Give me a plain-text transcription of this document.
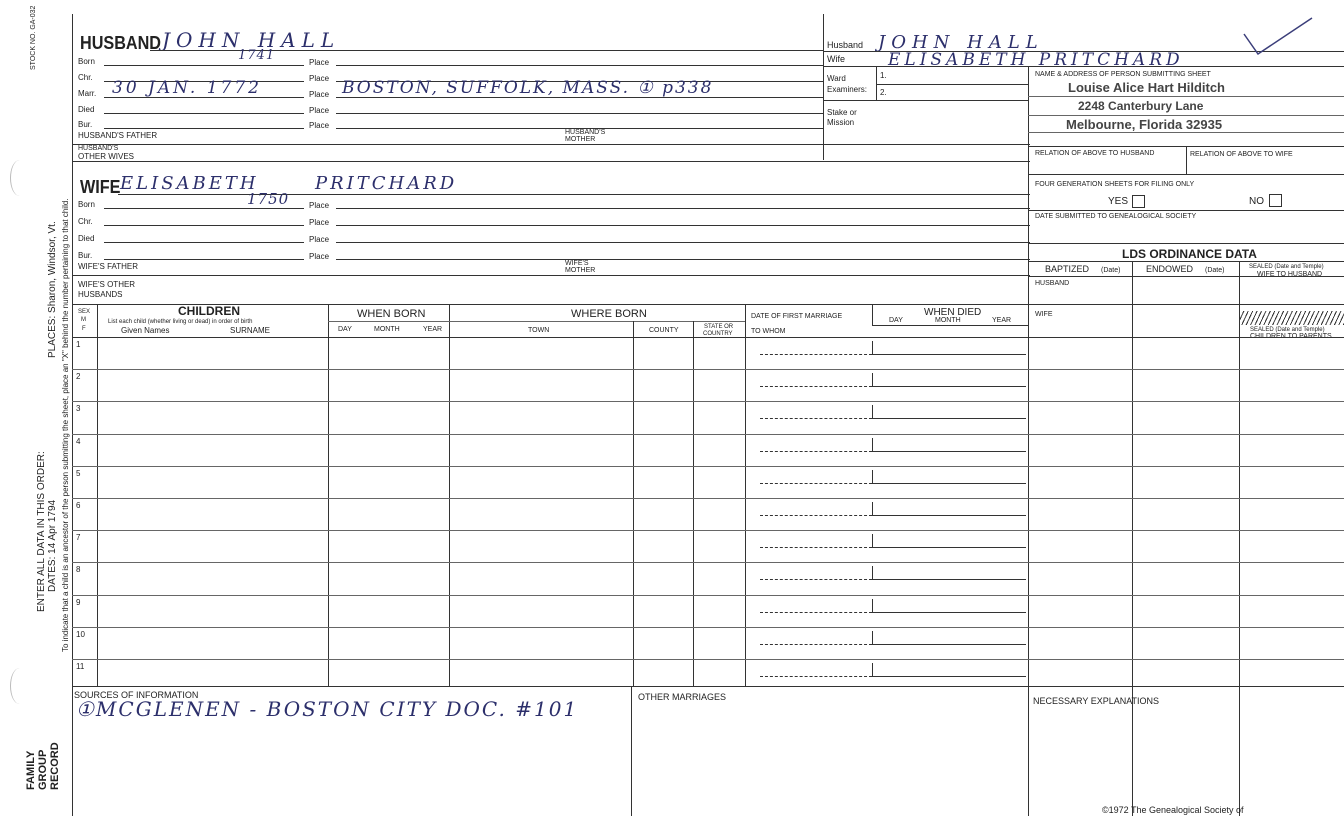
STOCK NO. GA-032
ENTER ALL DATA IN THIS ORDER: DATES: 14 Apr 1794
PLACES: Sharon, Windsor, Vt. To indicate that a child is an ancestor of the person submitting the sheet, place an "X" behind the number pertaining to that child.
FAMILY GROUP RECORD
HUSBAND JOHN HALL
1741
Born	Place
Chr.	Place
Marr. 30 JAN. 1772	Place BOSTON, SUFFOLK, MASS. ① p338
Died	Place
Bur.	Place
HUSBAND'S FATHER	HUSBAND'S
MOTHER
HUSBAND'S
OTHER WIVES
WIFE ELISABETH	PRITCHARD
1750
Born	Place
Chr.	Place
Died	Place
Bur.	Place
WIFE'S FATHER	WIFE'S
MOTHER
WIFE'S OTHER
HUSBANDS
Husband JOHN HALL
Wife	ELISABETH PRITCHARD
Ward	1.
Examiners: 2.
Stake or
Mission
NAME & ADDRESS OF PERSON SUBMITTING SHEET
Louise Alice Hart Hilditch
2248 Canterbury Lane
Melbourne, Florida 32935
RELATION OF ABOVE TO HUSBAND	RELATION OF ABOVE TO WIFE
FOUR GENERATION SHEETS FOR FILING ONLY
YES	NO
DATE SUBMITTED TO GENEALOGICAL SOCIETY
LDS ORDINANCE DATA
BAPTIZED (Date)	ENDOWED (Date)	SEALED (Date and Temple)
WIFE TO HUSBAND
HUSBAND
WIFE
SEALED (Date and Temple)
CHILDREN TO PARENTS
SEX
M
F
CHILDREN
List each child (whether living or dead) in order of birth
Given Names	SURNAME
WHEN BORN
DAY	MONTH	YEAR
WHERE BORN
TOWN	COUNTY	STATE OR
COUNTRY
DATE OF FIRST MARRIAGE
TO WHOM
WHEN DIED
DAY	MONTH	YEAR
1
2
3
4
5
6
7
8
9
10
11
SOURCES OF INFORMATION
①MCGLENEN - BOSTON CITY DOC. #101	OTHER MARRIAGES	NECESSARY EXPLANATIONS
©1972 The Genealogical Society of
